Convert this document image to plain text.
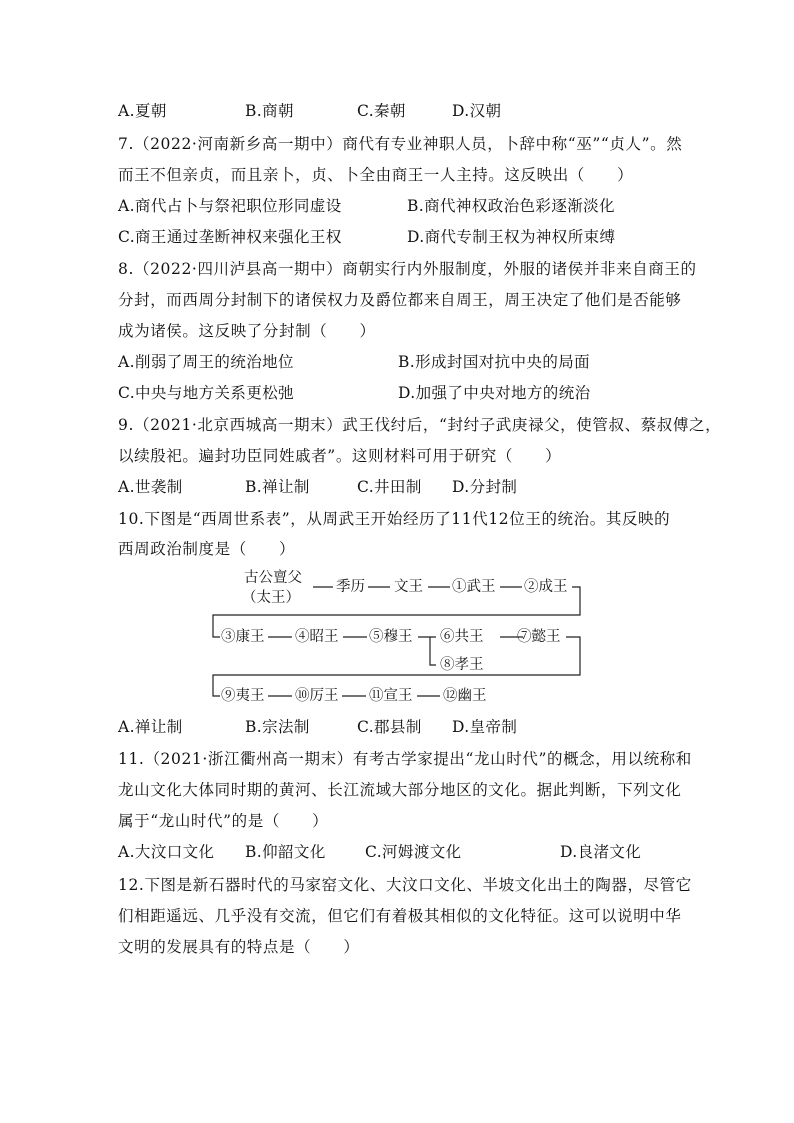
A.夏朝	B.商朝	C.秦朝	D.汉朝
7.（2022·河南新乡高一期中）商代有专业神职人员，卜辞中称“巫”“贞人”。然
而王不但亲贞，而且亲卜，贞、卜全由商王一人主持。这反映出（　　）
A.商代占卜与祭祀职位形同虚设	B.商代神权政治色彩逐渐淡化
C.商王通过垄断神权来强化王权	D.商代专制王权为神权所束缚
8.（2022·四川泸县高一期中）商朝实行内外服制度，外服的诸侯并非来自商王的
分封，而西周分封制下的诸侯权力及爵位都来自周王，周王决定了他们是否能够
成为诸侯。这反映了分封制（　　）
A.削弱了周王的统治地位	B.形成封国对抗中央的局面
C.中央与地方关系更松弛	D.加强了中央对地方的统治
9.（2021·北京西城高一期末）武王伐纣后，“封纣子武庚禄父，使管叔、蔡叔傅之，
以续殷祀。遍封功臣同姓戚者”。这则材料可用于研究（　　）
A.世袭制	B.禅让制	C.井田制 D.分封制
10.下图是“西周世系表”，从周武王开始经历了11代12位王的统治。其反映的
西周政治制度是（　　）
古公亶父
（太王）
季历 文王 ①武王 ②成王
③康王 ④昭王 ⑤穆王 ⑥共王 ⑦懿王
⑧孝王
⑨夷王 ⑩厉王 ⑪宣王 ⑫幽王
A.禅让制	B.宗法制	C.郡县制 D.皇帝制
11.（2021·浙江衢州高一期末）有考古学家提出“龙山时代”的概念，用以统称和
龙山文化大体同时期的黄河、长江流域大部分地区的文化。据此判断，下列文化
属于“龙山时代”的是（　　）
A.大汶口文化 B.仰韶文化	C.河姆渡文化	D.良渚文化
12.下图是新石器时代的马家窑文化、大汶口文化、半坡文化出土的陶器，尽管它
们相距遥远、几乎没有交流，但它们有着极其相似的文化特征。这可以说明中华
文明的发展具有的特点是（　　）
